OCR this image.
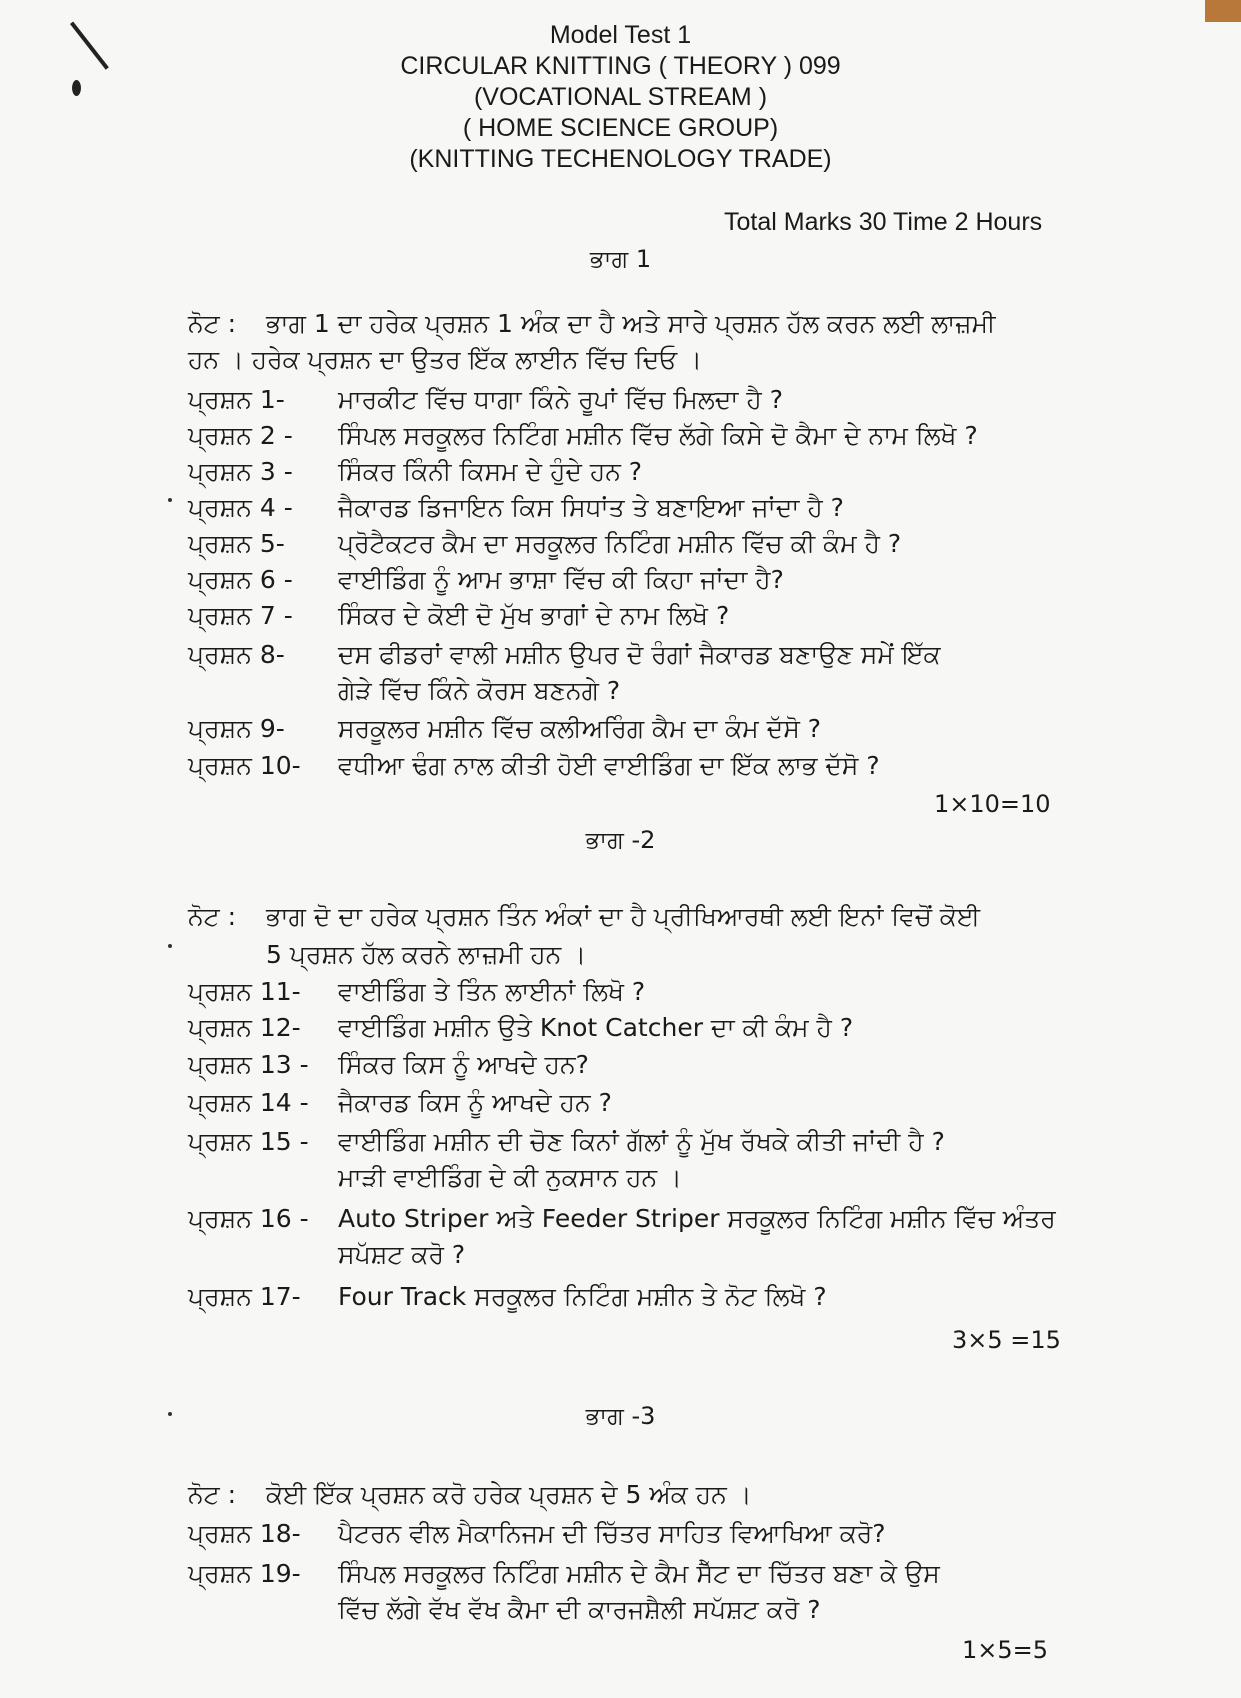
Model Test 1
CIRCULAR KNITTING ( THEORY ) 099
(VOCATIONAL STREAM )
( HOME SCIENCE GROUP)
(KNITTING TECHENOLOGY TRADE)
Total Marks 30 Time 2 Hours
ਭਾਗ 1
ਨੋਟ : ਭਾਗ 1 ਦਾ ਹਰੇਕ ਪ੍ਰਸ਼ਨ 1 ਅੰਕ ਦਾ ਹੈ ਅਤੇ ਸਾਰੇ ਪ੍ਰਸ਼ਨ ਹੱਲ ਕਰਨ ਲਈ ਲਾਜ਼ਮੀ
ਹਨ । ਹਰੇਕ ਪ੍ਰਸ਼ਨ ਦਾ ਉਤਰ ਇੱਕ ਲਾਈਨ ਵਿੱਚ ਦਿਓ ।
ਪ੍ਰਸ਼ਨ 1-	ਮਾਰਕੀਟ ਵਿੱਚ ਧਾਗਾ ਕਿੰਨੇ ਰੂਪਾਂ ਵਿੱਚ ਮਿਲਦਾ ਹੈ ?
ਪ੍ਰਸ਼ਨ 2 -	ਸਿੰਪਲ ਸਰਕੂਲਰ ਨਿਟਿੰਗ ਮਸ਼ੀਨ ਵਿੱਚ ਲੱਗੇ ਕਿਸੇ ਦੋ ਕੈਮਾ ਦੇ ਨਾਮ ਲਿਖੋ ?
ਪ੍ਰਸ਼ਨ 3 -	ਸਿੰਕਰ ਕਿੰਨੀ ਕਿਸਮ ਦੇ ਹੁੰਦੇ ਹਨ ?
ਪ੍ਰਸ਼ਨ 4 -	ਜੈਕਾਰਡ ਡਿਜਾਇਨ ਕਿਸ ਸਿਧਾਂਤ ਤੇ ਬਣਾਇਆ ਜਾਂਦਾ ਹੈ ?
ਪ੍ਰਸ਼ਨ 5-	ਪ੍ਰੋਟੈਕਟਰ ਕੈਮ ਦਾ ਸਰਕੂਲਰ ਨਿਟਿੰਗ ਮਸ਼ੀਨ ਵਿੱਚ ਕੀ ਕੰਮ ਹੈ ?
ਪ੍ਰਸ਼ਨ 6 -	ਵਾਈਡਿੰਗ ਨੂੰ ਆਮ ਭਾਸ਼ਾ ਵਿੱਚ ਕੀ ਕਿਹਾ ਜਾਂਦਾ ਹੈ?
ਪ੍ਰਸ਼ਨ 7 -	ਸਿੰਕਰ ਦੇ ਕੋਈ ਦੋ ਮੁੱਖ ਭਾਗਾਂ ਦੇ ਨਾਮ ਲਿਖੋ ?
ਪ੍ਰਸ਼ਨ 8-	ਦਸ ਫੀਡਰਾਂ ਵਾਲੀ ਮਸ਼ੀਨ ਉਪਰ ਦੋ ਰੰਗਾਂ ਜੈਕਾਰਡ ਬਣਾਉਣ ਸਮੇਂ ਇੱਕ
ਗੇੜੇ ਵਿੱਚ ਕਿੰਨੇ ਕੋਰਸ ਬਣਨਗੇ ?
ਪ੍ਰਸ਼ਨ 9-	ਸਰਕੂਲਰ ਮਸ਼ੀਨ ਵਿੱਚ ਕਲੀਅਰਿੰਗ ਕੈਮ ਦਾ ਕੰਮ ਦੱਸੋ ?
ਪ੍ਰਸ਼ਨ 10-	ਵਧੀਆ ਢੰਗ ਨਾਲ ਕੀਤੀ ਹੋਈ ਵਾਈਡਿੰਗ ਦਾ ਇੱਕ ਲਾਭ ਦੱਸੋ ?
1×10=10
ਭਾਗ -2
ਨੋਟ : ਭਾਗ ਦੋ ਦਾ ਹਰੇਕ ਪ੍ਰਸ਼ਨ ਤਿੰਨ ਅੰਕਾਂ ਦਾ ਹੈ ਪ੍ਰੀਖਿਆਰਥੀ ਲਈ ਇਨਾਂ ਵਿਚੋਂ ਕੋਈ
5 ਪ੍ਰਸ਼ਨ ਹੱਲ ਕਰਨੇ ਲਾਜ਼ਮੀ ਹਨ ।
ਪ੍ਰਸ਼ਨ 11-	ਵਾਈਡਿੰਗ ਤੇ ਤਿੰਨ ਲਾਈਨਾਂ ਲਿਖੋ ?
ਪ੍ਰਸ਼ਨ 12-	ਵਾਈਡਿੰਗ ਮਸ਼ੀਨ ਉਤੇ Knot Catcher ਦਾ ਕੀ ਕੰਮ ਹੈ ?
ਪ੍ਰਸ਼ਨ 13 -	ਸਿੰਕਰ ਕਿਸ ਨੂੰ ਆਖਦੇ ਹਨ?
ਪ੍ਰਸ਼ਨ 14 -	ਜੈਕਾਰਡ ਕਿਸ ਨੂੰ ਆਖਦੇ ਹਨ ?
ਪ੍ਰਸ਼ਨ 15 -	ਵਾਈਡਿੰਗ ਮਸ਼ੀਨ ਦੀ ਚੋਣ ਕਿਨਾਂ ਗੱਲਾਂ ਨੂੰ ਮੁੱਖ ਰੱਖਕੇ ਕੀਤੀ ਜਾਂਦੀ ਹੈ ?
ਮਾੜੀ ਵਾਈਡਿੰਗ ਦੇ ਕੀ ਨੁਕਸਾਨ ਹਨ ।
ਪ੍ਰਸ਼ਨ 16 -	Auto Striper ਅਤੇ Feeder Striper ਸਰਕੂਲਰ ਨਿਟਿੰਗ ਮਸ਼ੀਨ ਵਿੱਚ ਅੰਤਰ
ਸਪੱਸ਼ਟ ਕਰੋ ?
ਪ੍ਰਸ਼ਨ 17-	Four Track ਸਰਕੂਲਰ ਨਿਟਿੰਗ ਮਸ਼ੀਨ ਤੇ ਨੋਟ ਲਿਖੋ ?
3×5 =15
ਭਾਗ -3
ਨੋਟ : ਕੋਈ ਇੱਕ ਪ੍ਰਸ਼ਨ ਕਰੋ ਹਰੇਕ ਪ੍ਰਸ਼ਨ ਦੇ 5 ਅੰਕ ਹਨ ।
ਪ੍ਰਸ਼ਨ 18-	ਪੈਟਰਨ ਵੀਲ ਮੈਕਾਨਿਜਮ ਦੀ ਚਿੱਤਰ ਸਾਹਿਤ ਵਿਆਖਿਆ ਕਰੋ?
ਪ੍ਰਸ਼ਨ 19-	ਸਿੰਪਲ ਸਰਕੂਲਰ ਨਿਟਿੰਗ ਮਸ਼ੀਨ ਦੇ ਕੈਮ ਸੈੱਟ ਦਾ ਚਿੱਤਰ ਬਣਾ ਕੇ ਉਸ
ਵਿੱਚ ਲੱਗੇ ਵੱਖ ਵੱਖ ਕੈਮਾ ਦੀ ਕਾਰਜਸ਼ੈਲੀ ਸਪੱਸ਼ਟ ਕਰੋ ?
1×5=5
